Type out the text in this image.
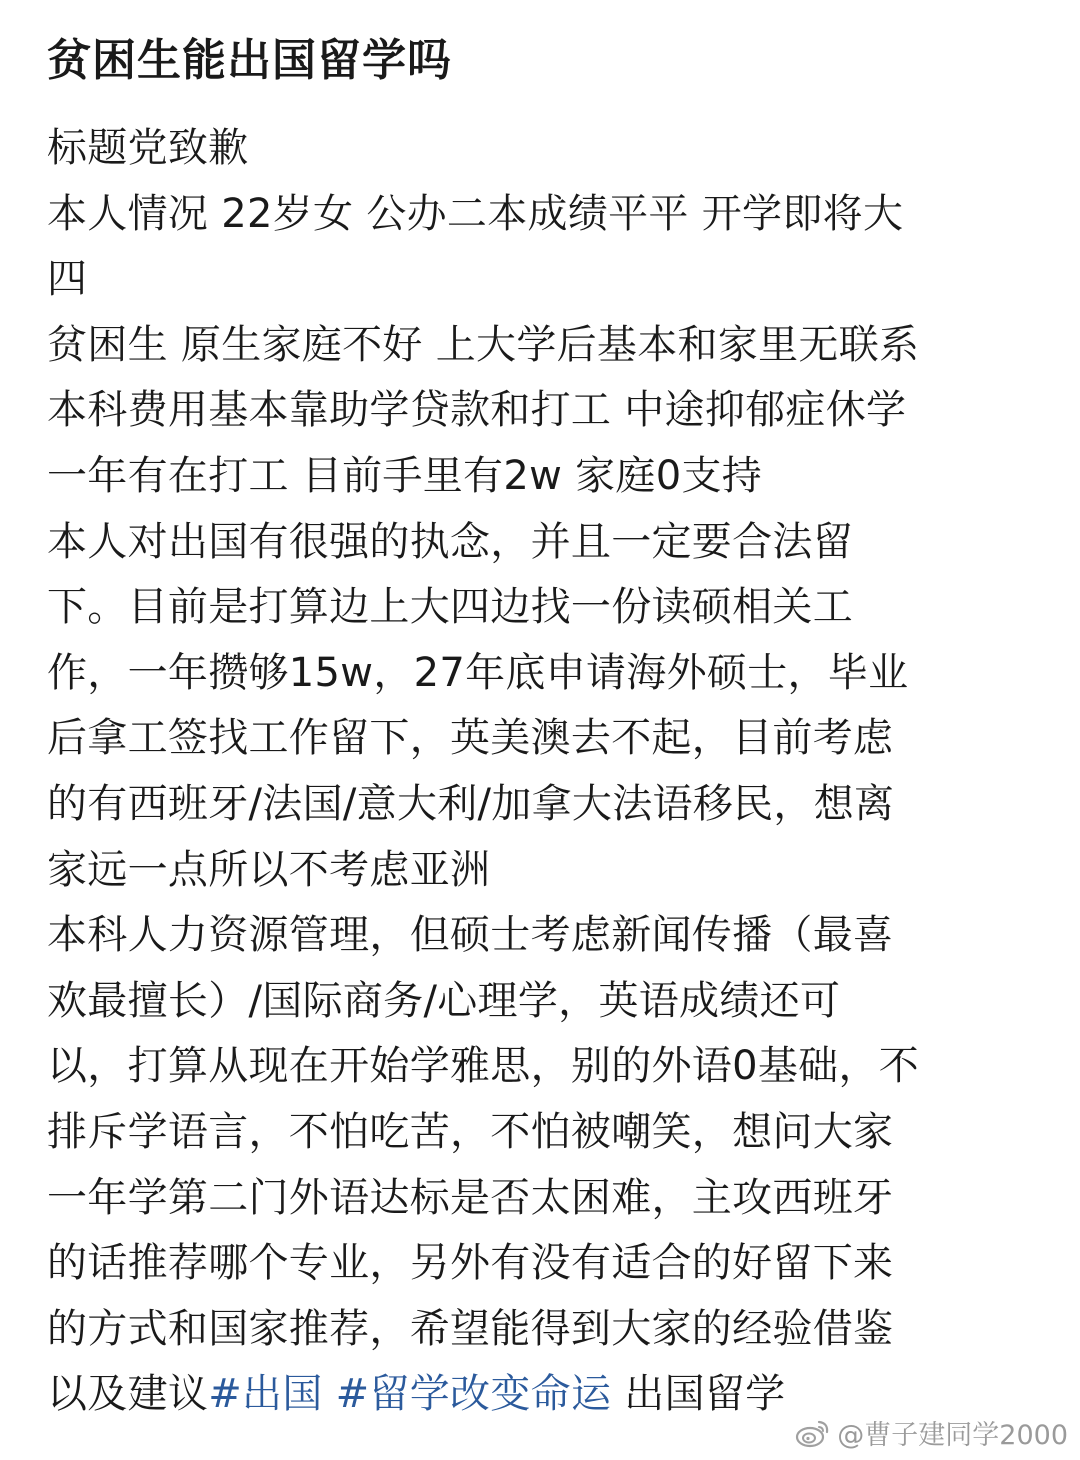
贫困生能出国留学吗
标题党致歉
本人情况 22岁女 公办二本成绩平平 开学即将大
四
贫困生 原生家庭不好 上大学后基本和家里无联系
本科费用基本靠助学贷款和打工 中途抑郁症休学
一年有在打工 目前手里有2w 家庭0支持
本人对出国有很强的执念，并且一定要合法留
下。目前是打算边上大四边找一份读硕相关工
作，一年攒够15w，27年底申请海外硕士，毕业
后拿工签找工作留下，英美澳去不起，目前考虑
的有西班牙/法国/意大利/加拿大法语移民，想离
家远一点所以不考虑亚洲
本科人力资源管理，但硕士考虑新闻传播（最喜
欢最擅长）/国际商务/心理学，英语成绩还可
以，打算从现在开始学雅思，别的外语0基础，不
排斥学语言，不怕吃苦，不怕被嘲笑，想问大家
一年学第二门外语达标是否太困难，主攻西班牙
的话推荐哪个专业，另外有没有适合的好留下来
的方式和国家推荐，希望能得到大家的经验借鉴
以及建议#出国 #留学改变命运 出国留学
@曹子建同学2000
